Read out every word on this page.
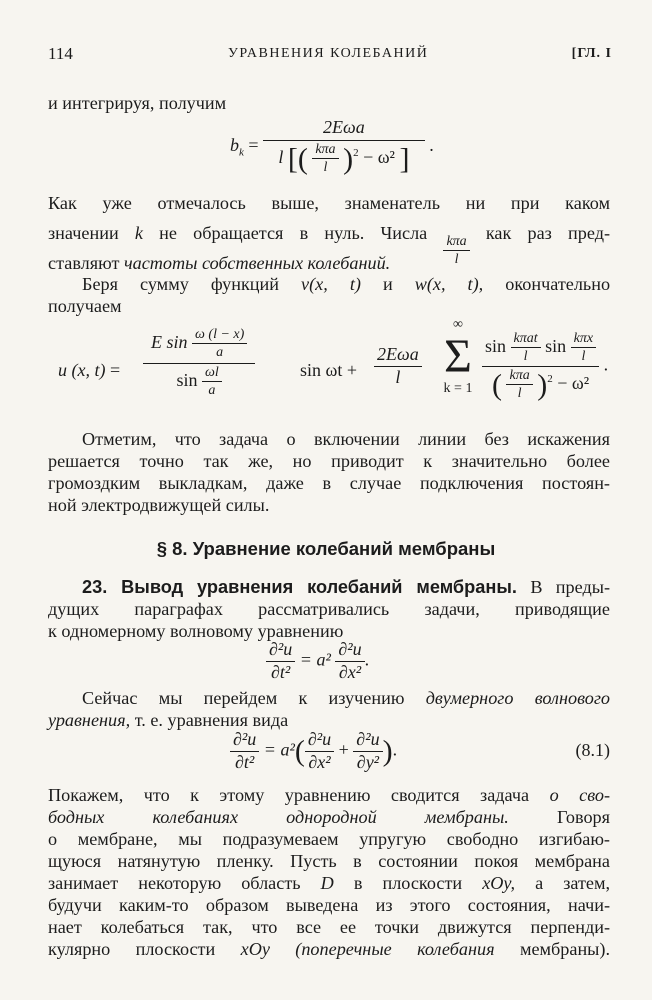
114	УРАВНЕНИЯ КОЛЕБАНИЙ	[ГЛ. I
и интегрируя, получим
$b_k = \frac{\text{2Eωa}}{l [( \frac{\text{kπa}}{l} )^2 - \omega^2 ]}$ .
Как уже отмечалось выше, знаменатель ни при каком
значении k не обращается в нуль. Числа
$\frac{\text{kπa}}{l}$
как раз пред-
ставляют частоты собственных колебаний.
Беря сумму функций v(x, t) и w(x, t), окончательно
получаем
u (x, $t) = \frac{E \sin \frac{\omega (l - x)}{a}}{\sin \frac{\omega l}{a}}$ $\sin \omega t + \frac{\text{2Eωa}}{l}$
∞
Σ
$k = 1 \frac{\sin \frac{\text{kπat}}{l} \sin \frac{\text{kπx}}{l}}{( \frac{\text{kπa}}{l} )^2 - \omega^2}$ .
Отметим, что задача о включении линии без искажения
решается точно так же, но приводит к значительно более
громоздким выкладкам, даже в случае подключения постоян-
ной электродвижущей силы.
§ 8. Уравнение колебаний мембраны
23. Вывод уравнения колебаний мембраны. В преды-
дущих параграфах рассматривались задачи, приводящие
к одномерному волновому уравнению
$\frac{\text{∂²u}}{\text{∂t²}} = a^2 \frac{\text{∂²u}}{\text{∂x²}}$ .
Сейчас мы перейдем к изучению двумерного волнового
уравнения, т. е. уравнения вида
$\frac{\text{∂²u}}{\text{∂t²}} = a^2( \frac{\text{∂²u}}{\text{∂x²}} + \frac{\text{∂²u}}{\text{∂y²}}$ ).	(8.1)
Покажем, что к этому уравнению сводится задача о сво-
бодных колебаниях однородной мембраны.	Говоря
о мембране, мы подразумеваем упругую свободно изгибаю-
щуюся натянутую пленку. Пусть в состоянии покоя мембрана
занимает некоторую область D в плоскости xOy, а затем,
будучи каким-то образом выведена из этого состояния, начи-
нает колебаться так, что все ее точки движутся перпенди-
кулярно плоскости xOy (поперечные колебания мембраны).
